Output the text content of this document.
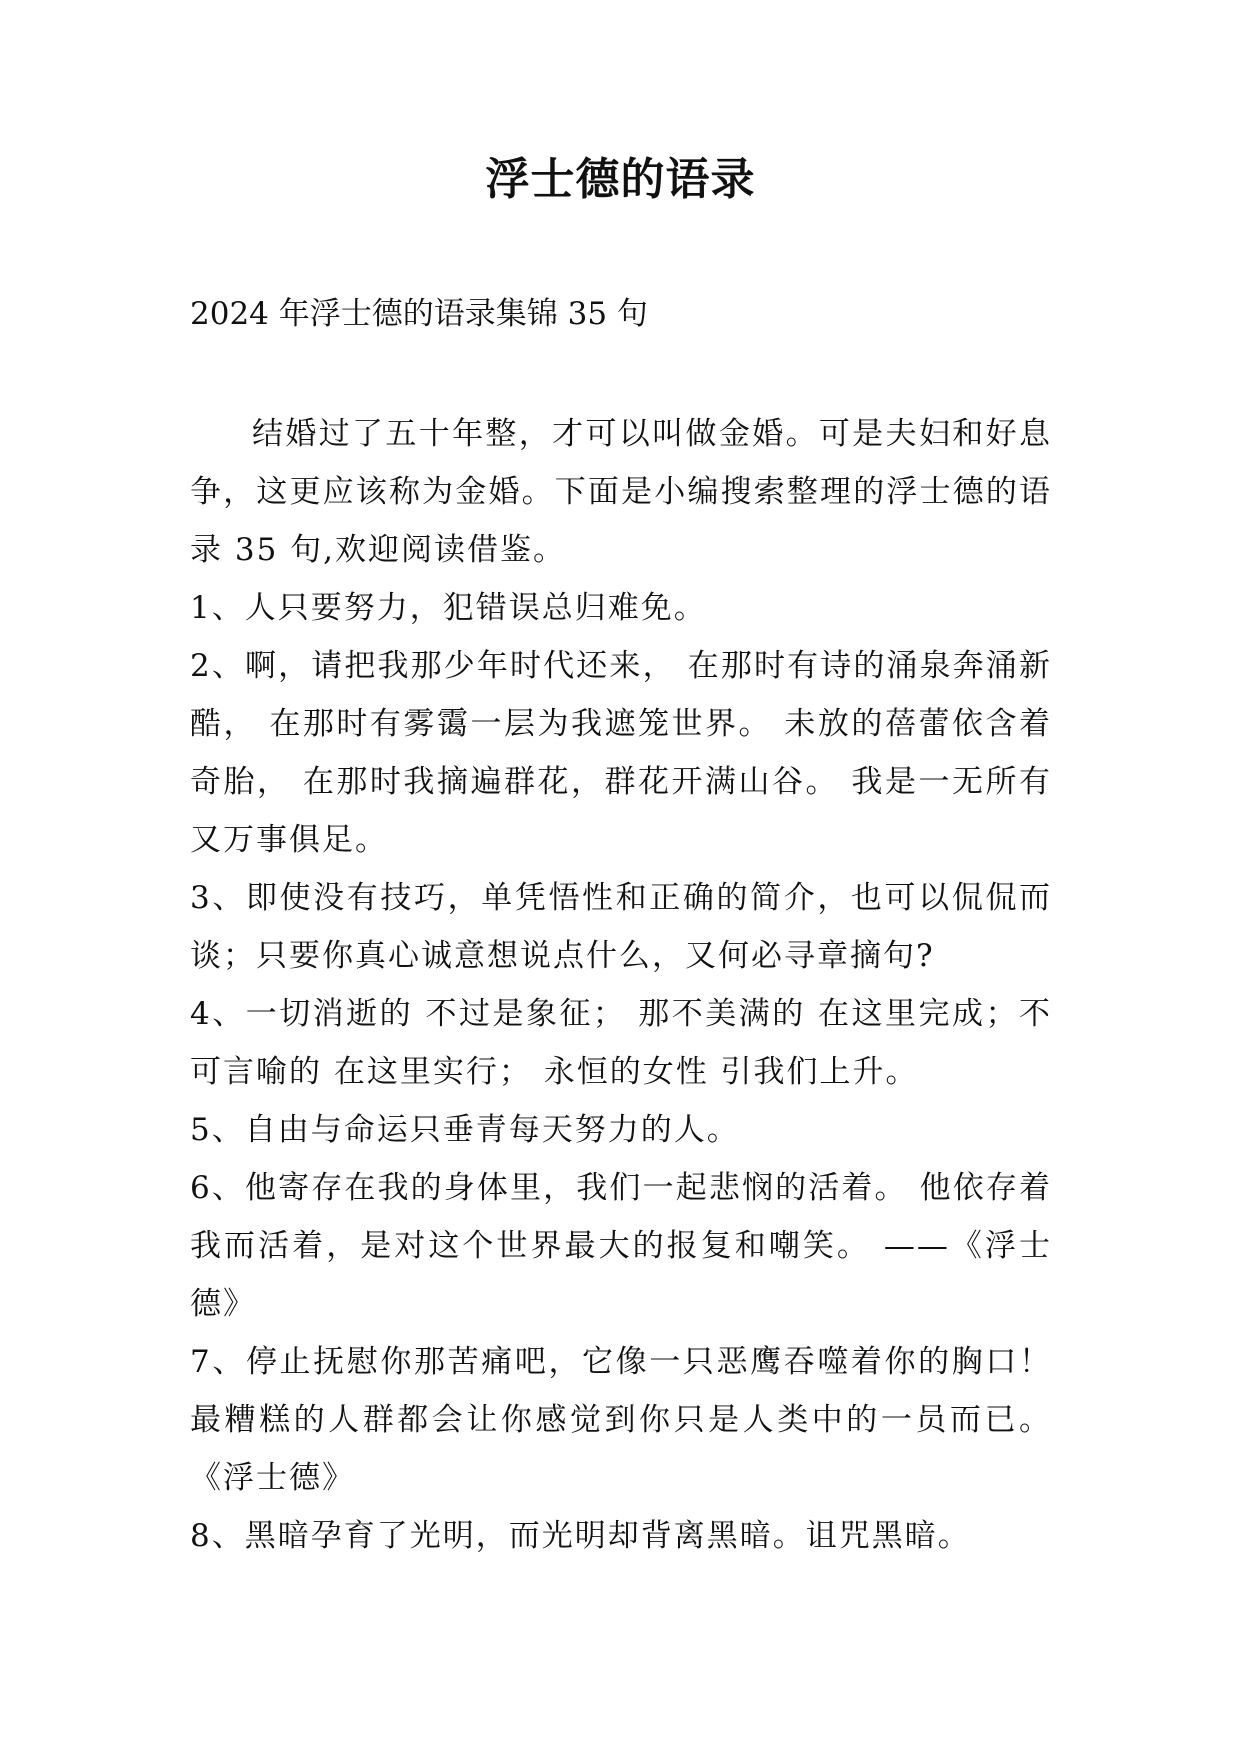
浮士德的语录
2024 年浮士德的语录集锦 35 句

结婚过了五十年整，才可以叫做金婚。可是夫妇和好息争，这更应该称为金婚。下面是小编搜索整理的浮士德的语录 35 句,欢迎阅读借鉴。

1、人只要努力，犯错误总归难免。

2、啊，请把我那少年时代还来， 在那时有诗的涌泉奔涌新酷， 在那时有雾霭一层为我遮笼世界。 未放的蓓蕾依含着奇胎， 在那时我摘遍群花，群花开满山谷。 我是一无所有又万事俱足。

3、即使没有技巧，单凭悟性和正确的简介，也可以侃侃而谈；只要你真心诚意想说点什么，又何必寻章摘句?

4、一切消逝的 不过是象征； 那不美满的 在这里完成；不可言喻的 在这里实行； 永恒的女性 引我们上升。

5、自由与命运只垂青每天努力的人。

6、他寄存在我的身体里，我们一起悲悯的活着。 他依存着我而活着，是对这个世界最大的报复和嘲笑。 ——《浮士德》

7、停止抚慰你那苦痛吧，它像一只恶鹰吞噬着你的胸口！最糟糕的人群都会让你感觉到你只是人类中的一员而已。《浮士德》

8、黑暗孕育了光明，而光明却背离黑暗。诅咒黑暗。
